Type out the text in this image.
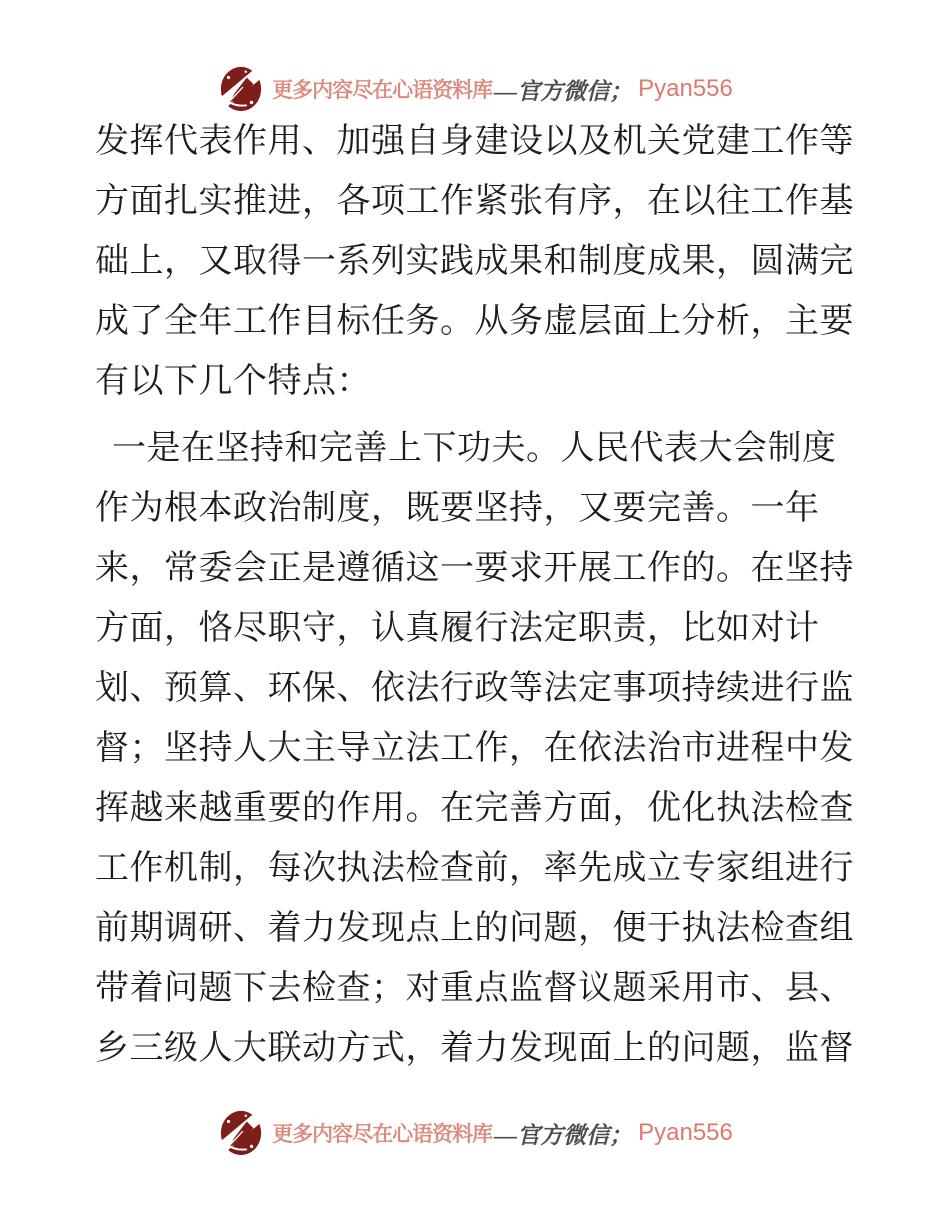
更多内容尽在心语资料库 —官方微信； Pyan556
发挥代表作用、加强自身建设以及机关党建工作等
方面扎实推进，各项工作紧张有序，在以往工作基
础上，又取得一系列实践成果和制度成果，圆满完
成了全年工作目标任务。从务虚层面上分析，主要
有以下几个特点：
一是在坚持和完善上下功夫。人民代表大会制度
作为根本政治制度，既要坚持，又要完善。一年
来，常委会正是遵循这一要求开展工作的。在坚持
方面，恪尽职守，认真履行法定职责，比如对计
划、预算、环保、依法行政等法定事项持续进行监
督；坚持人大主导立法工作，在依法治市进程中发
挥越来越重要的作用。在完善方面，优化执法检查
工作机制，每次执法检查前，率先成立专家组进行
前期调研、着力发现点上的问题，便于执法检查组
带着问题下去检查；对重点监督议题采用市、县、
乡三级人大联动方式，着力发现面上的问题，监督
更多内容尽在心语资料库 —官方微信； Pyan556
